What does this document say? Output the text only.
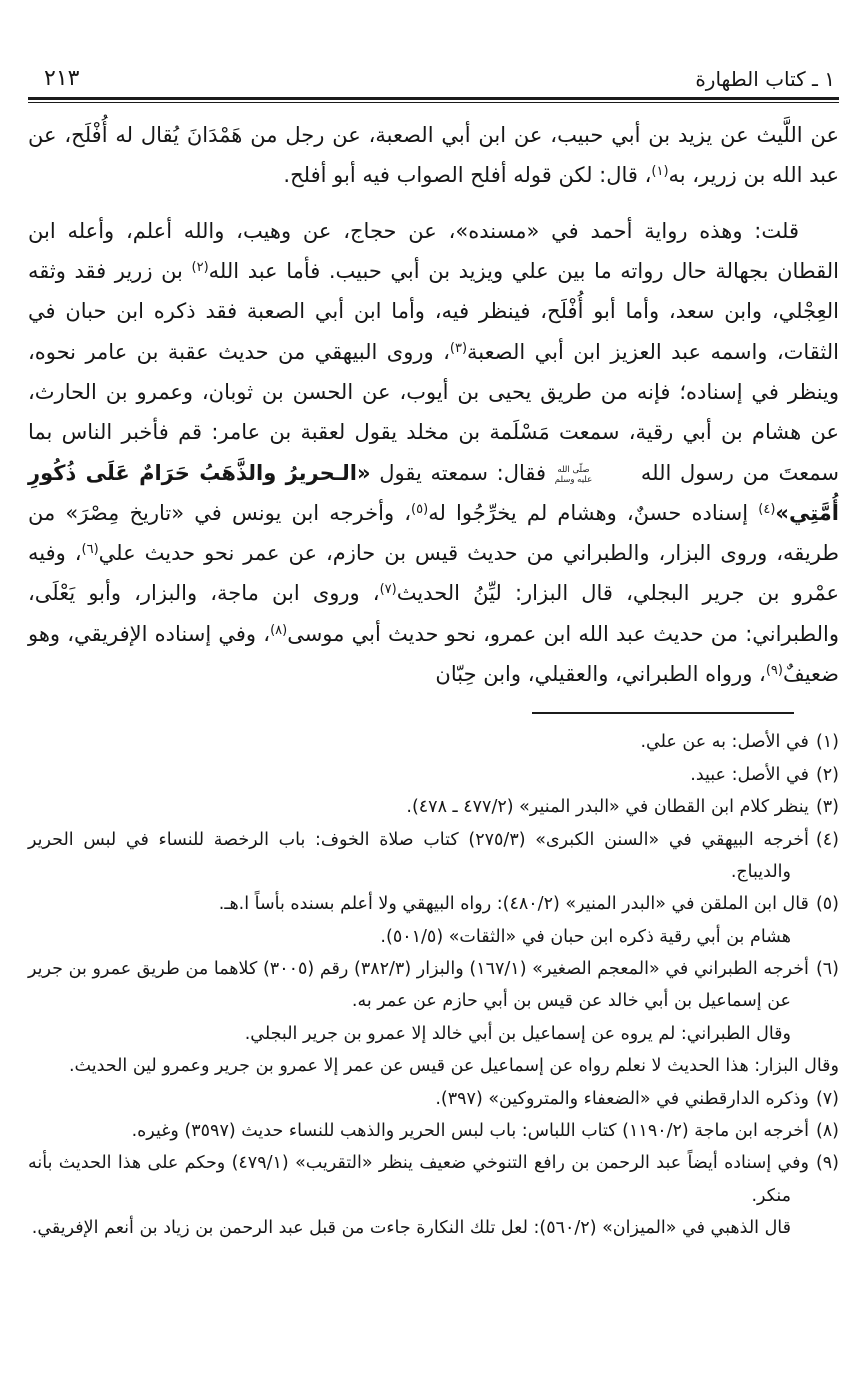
١ ـ كتاب الطهارة
٢١٣

عن اللَّيث عن يزيد بن أبي حبيب، عن ابن أبي الصعبة، عن رجل من هَمْدَانَ يُقال له أُفْلَح، عن عبد الله بن زرير، به$^{(١)}$، قال: لكن قوله أفلح الصواب فيه أبو أفلح.

قلت: وهذه رواية أحمد في «مسنده»، عن حجاج، عن وهيب، والله أعلم، وأعله ابن القطان بجهالة حال رواته ما بين علي ويزيد بن أبي حبيب. فأما عبد الله$^{(٢)}$ بن زرير فقد وثقه العِجْلي، وابن سعد، وأما أبو أُفْلَح، فينظر فيه، وأما ابن أبي الصعبة فقد ذكره ابن حبان في الثقات، واسمه عبد العزيز ابن أبي الصعبة$^{(٣)}$، وروى البيهقي من حديث عقبة بن عامر نحوه، وينظر في إسناده؛ فإنه من طريق يحيى بن أيوب، عن الحسن بن ثوبان، وعمرو بن الحارث، عن هشام بن أبي رقية، سمعت مَسْلَمة بن مخلد يقول لعقبة بن عامر: قم فأخبر الناس بما سمعتَ من رسول الله
صلّى الله
عليه وسلم
فقال: سمعته يقول «الـحريرُ والذَّهَبُ حَرَامٌ عَلَى ذُكُورِ أُمَّتِي»$^{(٤)}$ إسناده حسنٌ، وهشام لم يخرِّجُوا له$^{(٥)}$، وأخرجه ابن يونس في «تاريخ مِصْرَ» من طريقه، وروى البزار، والطبراني من حديث قيس بن حازم، عن عمر نحو حديث علي$^{(٦)}$، وفيه عمْرو بن جرير البجلي، قال البزار: ليِّنُ الحديث$^{(٧)}$، وروى ابن ماجة، والبزار، وأبو يَعْلَى، والطبراني: من حديث عبد الله ابن عمرو، نحو حديث أبي موسى$^{(٨)}$، وفي إسناده الإفريقي، وهو ضعيفٌ$^{(٩)}$، ورواه الطبراني، والعقيلي، وابن حِبّان

(١)في الأصل: به عن علي.

(٢)في الأصل: عبيد.

(٣)ينظر كلام ابن القطان في «البدر المنير» (٤٧٧/٢ ـ ٤٧٨).

(٤)أخرجه البيهقي في «السنن الكبرى» (٢٧٥/٣) كتاب صلاة الخوف: باب الرخصة للنساء في لبس الحرير والديباج.

(٥)قال ابن الملقن في «البدر المنير» (٤٨٠/٢): رواه البيهقي ولا أعلم بسنده بأساً ا.هـ.

هشام بن أبي رقية ذكره ابن حبان في «الثقات» (٥٠١/٥).

(٦)أخرجه الطبراني في «المعجم الصغير» (١٦٧/١) والبزار (٣٨٢/٣) رقم (٣٠٠٥) كلاهما من طريق عمرو بن جرير عن إسماعيل بن أبي خالد عن قيس بن أبي حازم عن عمر به.

وقال الطبراني: لم يروه عن إسماعيل بن أبي خالد إلا عمرو بن جرير البجلي.

وقال البزار: هذا الحديث لا نعلم رواه عن إسماعيل عن قيس عن عمر إلا عمرو بن جرير وعمرو لين الحديث.

(٧)وذكره الدارقطني في «الضعفاء والمتروكين» (٣٩٧).

(٨)أخرجه ابن ماجة (١١٩٠/٢) كتاب اللباس: باب لبس الحرير والذهب للنساء حديث (٣٥٩٧) وغيره.

(٩)وفي إسناده أيضاً عبد الرحمن بن رافع التنوخي ضعيف ينظر «التقريب» (٤٧٩/١) وحكم على هذا الحديث بأنه منكر.

قال الذهبي في «الميزان» (٥٦٠/٢): لعل تلك النكارة جاءت من قبل عبد الرحمن بن زياد بن أنعم الإفريقي.
